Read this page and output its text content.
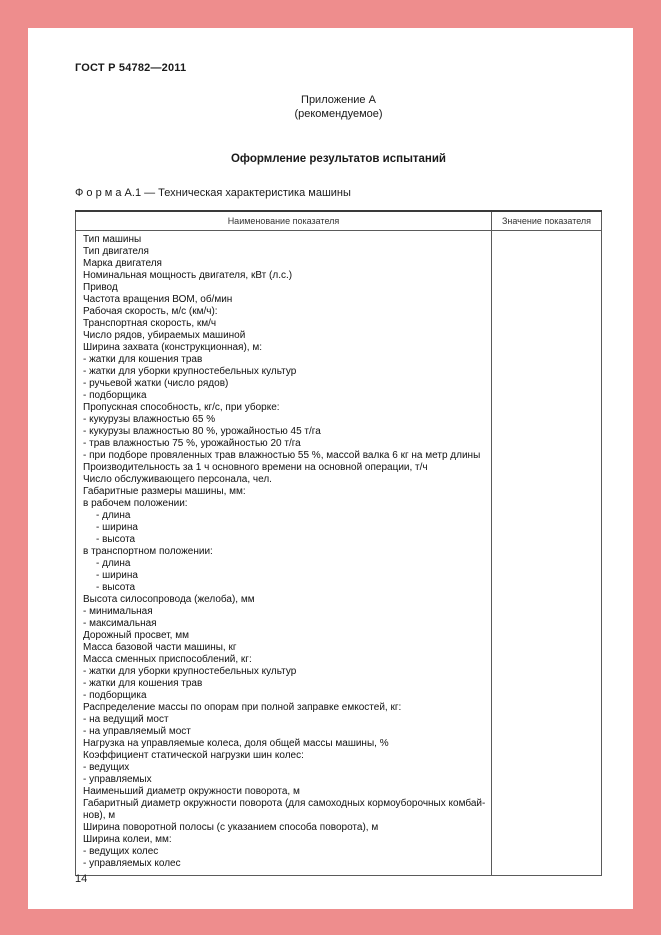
ГОСТ Р 54782—2011
Приложение А
(рекомендуемое)
Оформление результатов испытаний
Ф о р м а А.1 — Техническая характеристика машины
Наименование показателя	Значение показателя

Тип машины
Тип двигателя
Марка двигателя
Номинальная мощность двигателя, кВт (л.с.)
Привод
Частота вращения ВОМ, об/мин
Рабочая скорость, м/с (км/ч):
Транспортная скорость, км/ч
Число рядов, убираемых машиной
Ширина захвата (конструкционная), м:
- жатки для кошения трав
- жатки для уборки крупностебельных культур
- ручьевой жатки (число рядов)
- подборщика
Пропускная способность, кг/с, при уборке:
- кукурузы влажностью 65 %
- кукурузы влажностью 80 %, урожайностью 45 т/га
- трав влажностью 75 %, урожайностью 20 т/га
- при подборе провяленных трав влажностью 55 %, массой валка 6 кг на метр длины
Производительность за 1 ч основного времени на основной операции, т/ч
Число обслуживающего персонала, чел.
Габаритные размеры машины, мм:
в рабочем положении:
- длина
- ширина
- высота
в транспортном положении:
- длина
- ширина
- высота
Высота силосопровода (желоба), мм
- минимальная
- максимальная
Дорожный просвет, мм
Масса базовой части машины, кг
Масса сменных приспособлений, кг:
- жатки для уборки крупностебельных культур
- жатки для кошения трав
- подборщика
Распределение массы по опорам при полной заправке емкостей, кг:
- на ведущий мост
- на управляемый мост
Нагрузка на управляемые колеса, доля общей массы машины, %
Коэффициент статической нагрузки шин колес:
- ведущих
- управляемых
Наименьший диаметр окружности поворота, м
Габаритный диаметр окружности поворота (для самоходных кормоуборочных комбай-нов), м
Ширина поворотной полосы (с указанием способа поворота), м
Ширина колеи, мм:
- ведущих колес
- управляемых колес

14
